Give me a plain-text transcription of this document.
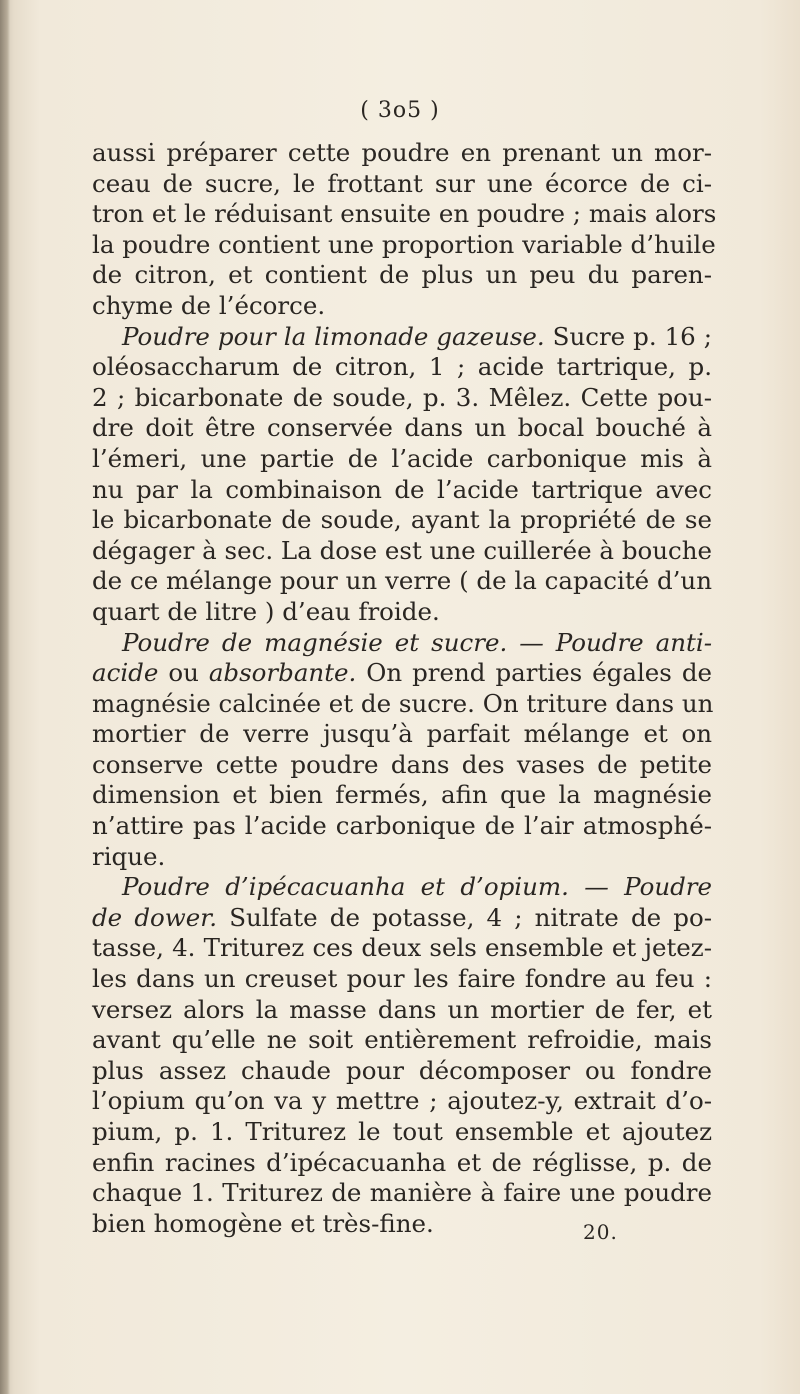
( 3o5 )
aussi préparer cette poudre en prenant un mor-
ceau de sucre, le frottant sur une écorce de ci-
tron et le réduisant ensuite en poudre ; mais alors
la poudre contient une proportion variable d’huile
de citron, et contient de plus un peu du paren-
chyme de l’écorce.
Poudre pour la limonade gazeuse. Sucre p. 16 ;
oléosaccharum de citron, 1 ; acide tartrique, p.
2 ; bicarbonate de soude, p. 3. Mêlez. Cette pou-
dre doit être conservée dans un bocal bouché à
l’émeri, une partie de l’acide carbonique mis à
nu par la combinaison de l’acide tartrique avec
le bicarbonate de soude, ayant la propriété de se
dégager à sec. La dose est une cuillerée à bouche
de ce mélange pour un verre ( de la capacité d’un
quart de litre ) d’eau froide.
Poudre de magnésie et sucre. — Poudre anti-
acide ou absorbante. On prend parties égales de
magnésie calcinée et de sucre. On triture dans un
mortier de verre jusqu’à parfait mélange et on
conserve cette poudre dans des vases de petite
dimension et bien fermés, afin que la magnésie
n’attire pas l’acide carbonique de l’air atmosphé-
rique.
Poudre d’ipécacuanha et d’opium. — Poudre
de dower. Sulfate de potasse, 4 ; nitrate de po-
tasse, 4. Triturez ces deux sels ensemble et jetez-
les dans un creuset pour les faire fondre au feu :
versez alors la masse dans un mortier de fer, et
avant qu’elle ne soit entièrement refroidie, mais
plus assez chaude pour décomposer ou fondre
l’opium qu’on va y mettre ; ajoutez-y, extrait d’o-
pium, p. 1. Triturez le tout ensemble et ajoutez
enfin racines d’ipécacuanha et de réglisse, p. de
chaque 1. Triturez de manière à faire une poudre
bien homogène et très-fine.	20.
